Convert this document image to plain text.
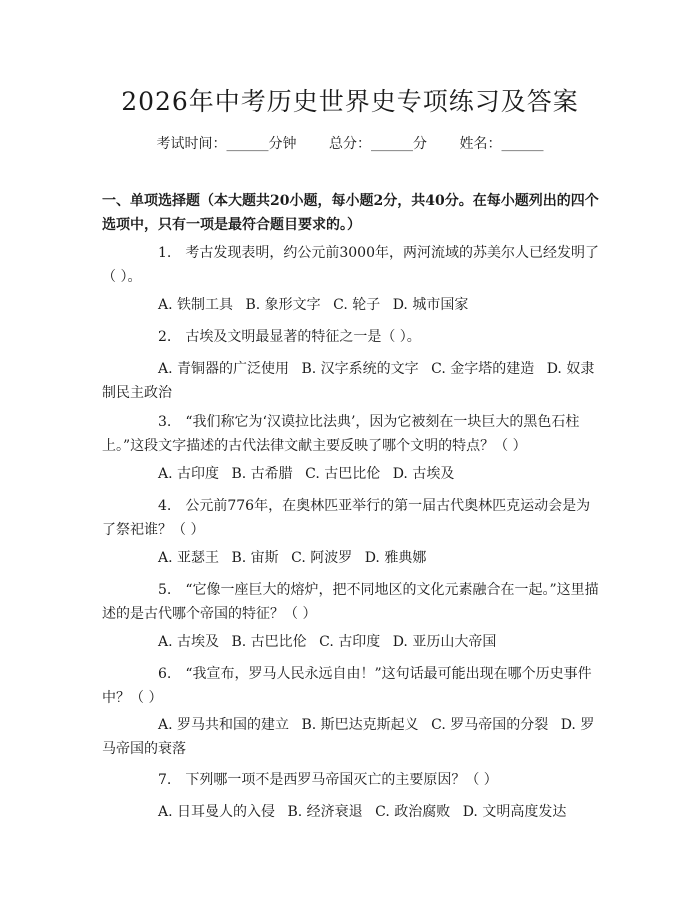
2026年中考历史世界史专项练习及答案
考试时间：______分钟 总分：______分 姓名：______
一、单项选择题（本大题共20小题，每小题2分，共40分。在每小题列出的四个选项中，只有一项是最符合题目要求的。）
1. 考古发现表明，约公元前3000年，两河流域的苏美尔人已经发明了（ ）。
A. 铁制工具 B. 象形文字 C. 轮子 D. 城市国家
2. 古埃及文明最显著的特征之一是（ ）。
A. 青铜器的广泛使用 B. 汉字系统的文字 C. 金字塔的建造 D. 奴隶制民主政治
3. “我们称它为‘汉谟拉比法典’，因为它被刻在一块巨大的黑色石柱上。”这段文字描述的古代法律文献主要反映了哪个文明的特点？（ ）
A. 古印度 B. 古希腊 C. 古巴比伦 D. 古埃及
4. 公元前776年，在奥林匹亚举行的第一届古代奥林匹克运动会是为了祭祀谁？（ ）
A. 亚瑟王 B. 宙斯 C. 阿波罗 D. 雅典娜
5. “它像一座巨大的熔炉，把不同地区的文化元素融合在一起。”这里描述的是古代哪个帝国的特征？（ ）
A. 古埃及 B. 古巴比伦 C. 古印度 D. 亚历山大帝国
6. “我宣布，罗马人民永远自由！”这句话最可能出现在哪个历史事件中？（ ）
A. 罗马共和国的建立 B. 斯巴达克斯起义 C. 罗马帝国的分裂 D. 罗马帝国的衰落
7. 下列哪一项不是西罗马帝国灭亡的主要原因？（ ）
A. 日耳曼人的入侵 B. 经济衰退 C. 政治腐败 D. 文明高度发达
